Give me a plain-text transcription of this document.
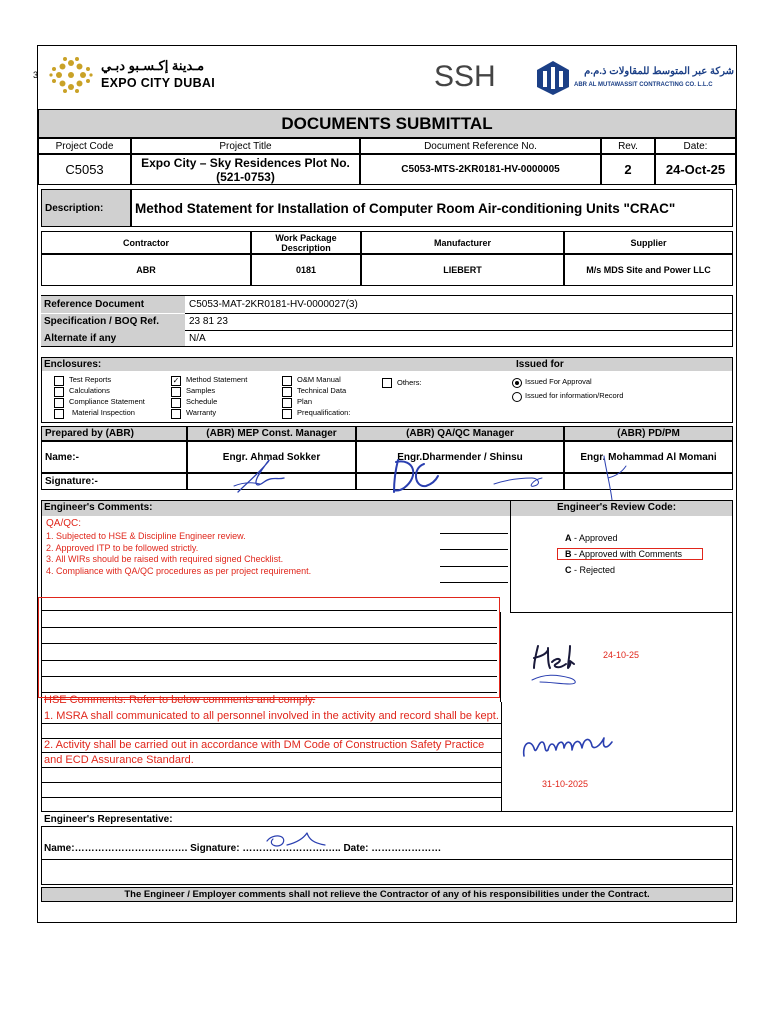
3
مـدينة إكـسـبو دبـي
EXPO CITY DUBAI	SSH	شركة عبر المتوسط للمقاولات ذ.م.م
ABR AL MUTAWASSIT CONTRACTING CO. L.L.C
DOCUMENTS SUBMITTAL
Project Code	Project Title	Document Reference No.	Rev.	Date:
C5053	Expo City – Sky Residences Plot No. (521-0753)	C5053-MTS-2KR0181-HV-0000005	2	24-Oct-25
Description:	Method Statement for Installation of Computer Room Air-conditioning Units "CRAC"
Contractor	Work Package Description	Manufacturer	Supplier
ABR	0181	LIEBERT	M/s MDS Site and Power LLC
Reference Document	C5053-MAT-2KR0181-HV-0000027(3)
Specification / BOQ Ref.	23 81 23
Alternate if any	N/A
Enclosures:	Issued for
Test Reports
Calculations
Compliance Statement
Material Inspection
✓ Method Statement
Samples
Schedule
Warranty
O&M Manual
Technical Data
Plan
Prequalification:
Others:	Issued For Approval
Issued for information/Record
Prepared by (ABR)	(ABR) MEP Const. Manager	(ABR) QA/QC Manager	(ABR) PD/PM
Name:-	Engr. Ahmad Sokker	Engr.Dharmender / Shinsu	Engr. Mohammad Al Momani
Signature:-
Engineer's Comments:	Engineer's Review Code:
QA/QC:
1. Subjected to HSE & Discipline Engineer review.
2. Approved ITP to be followed strictly.
3. All WIRs should be raised with required signed Checklist.
4. Compliance with QA/QC procedures as per project requirement.
A - Approved
B - Approved with Comments
C - Rejected
HSE Comments: Refer to below comments and comply.
1. MSRA shall communicated to all personnel involved in the activity and record shall be kept.
2. Activity shall be carried out in accordance with DM Code of Construction Safety Practice and ECD Assurance Standard.
24-10-25
31-10-2025
Engineer's Representative:
Name:……………………………. Signature: …………………….….. Date: …………………
The Engineer / Employer comments shall not relieve the Contractor of any of his responsibilities under the Contract.
